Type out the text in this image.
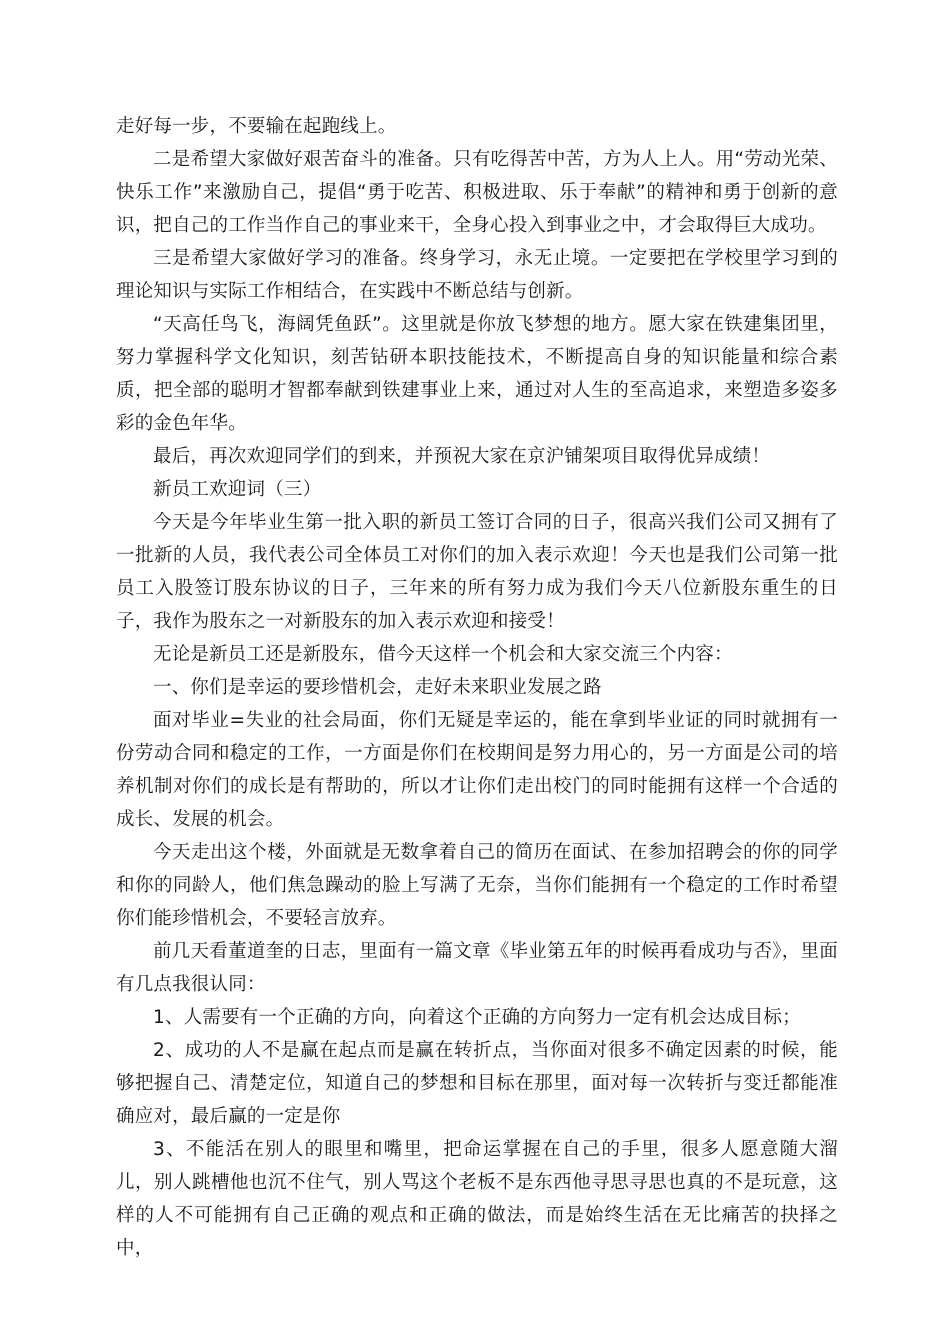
走好每一步，不要输在起跑线上。

二是希望大家做好艰苦奋斗的准备。只有吃得苦中苦，方为人上人。用“劳动光荣、快乐工作”来激励自己，提倡“勇于吃苦、积极进取、乐于奉献”的精神和勇于创新的意识，把自己的工作当作自己的事业来干，全身心投入到事业之中，才会取得巨大成功。

三是希望大家做好学习的准备。终身学习，永无止境。一定要把在学校里学习到的理论知识与实际工作相结合，在实践中不断总结与创新。

“天高任鸟飞，海阔凭鱼跃”。这里就是你放飞梦想的地方。愿大家在铁建集团里，努力掌握科学文化知识，刻苦钻研本职技能技术，不断提高自身的知识能量和综合素质，把全部的聪明才智都奉献到铁建事业上来，通过对人生的至高追求，来塑造多姿多彩的金色年华。

最后，再次欢迎同学们的到来，并预祝大家在京沪铺架项目取得优异成绩！

新员工欢迎词（三）

今天是今年毕业生第一批入职的新员工签订合同的日子，很高兴我们公司又拥有了一批新的人员，我代表公司全体员工对你们的加入表示欢迎！今天也是我们公司第一批员工入股签订股东协议的日子，三年来的所有努力成为我们今天八位新股东重生的日子，我作为股东之一对新股东的加入表示欢迎和接受！

无论是新员工还是新股东，借今天这样一个机会和大家交流三个内容：

一、你们是幸运的要珍惜机会，走好未来职业发展之路

面对毕业=失业的社会局面，你们无疑是幸运的，能在拿到毕业证的同时就拥有一份劳动合同和稳定的工作，一方面是你们在校期间是努力用心的，另一方面是公司的培养机制对你们的成长是有帮助的，所以才让你们走出校门的同时能拥有这样一个合适的成长、发展的机会。

今天走出这个楼，外面就是无数拿着自己的简历在面试、在参加招聘会的你的同学和你的同龄人，他们焦急躁动的脸上写满了无奈，当你们能拥有一个稳定的工作时希望你们能珍惜机会，不要轻言放弃。

前几天看董道奎的日志，里面有一篇文章《毕业第五年的时候再看成功与否》，里面有几点我很认同：

1、人需要有一个正确的方向，向着这个正确的方向努力一定有机会达成目标；

2、成功的人不是赢在起点而是赢在转折点，当你面对很多不确定因素的时候，能够把握自己、清楚定位，知道自己的梦想和目标在那里，面对每一次转折与变迁都能准确应对，最后赢的一定是你

3、不能活在别人的眼里和嘴里，把命运掌握在自己的手里，很多人愿意随大溜儿，别人跳槽他也沉不住气，别人骂这个老板不是东西他寻思寻思也真的不是玩意，这样的人不可能拥有自己正确的观点和正确的做法，而是始终生活在无比痛苦的抉择之中，
